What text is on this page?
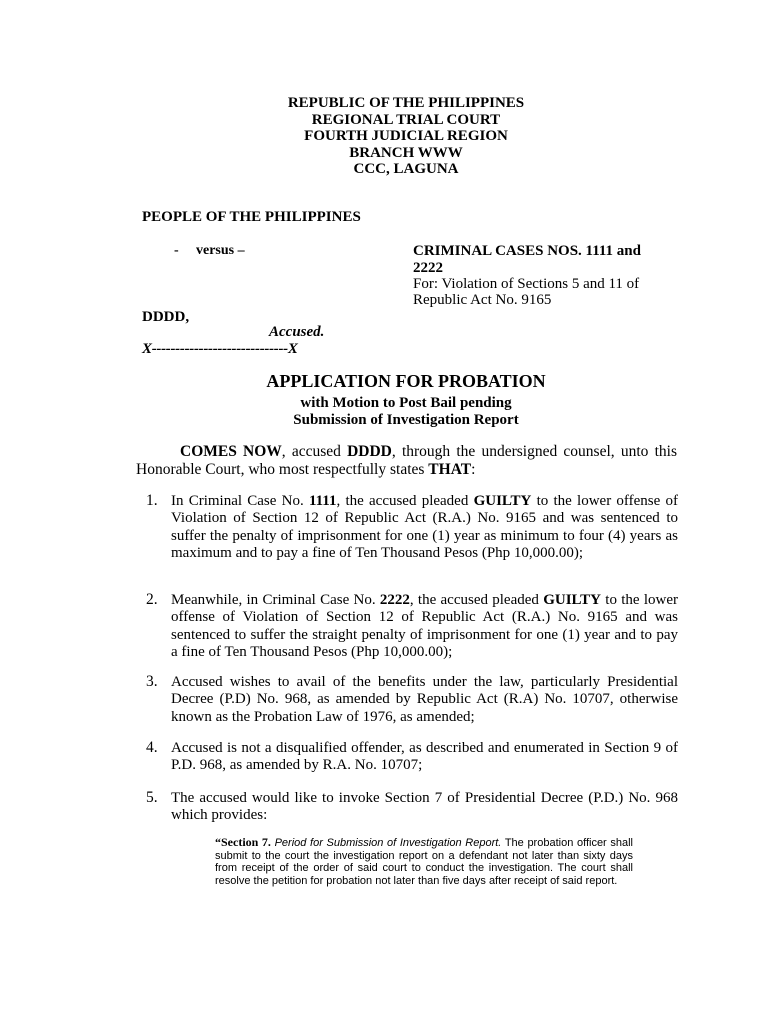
REPUBLIC OF THE PHILIPPINES
REGIONAL TRIAL COURT
FOURTH JUDICIAL REGION
BRANCH WWW
CCC, LAGUNA
PEOPLE OF THE PHILIPPINES
- versus –	CRIMINAL CASES NOS. 1111 and
2222
For: Violation of Sections 5 and 11 of
Republic Act No. 9165
DDDD,
Accused.
X-----------------------------X
APPLICATION FOR PROBATION
with Motion to Post Bail pending
Submission of Investigation Report
COMES NOW, accused DDDD, through the undersigned counsel, unto this Honorable Court, who most respectfully states THAT:
1. In Criminal Case No. 1111, the accused pleaded GUILTY to the lower offense of Violation of Section 12 of Republic Act (R.A.) No. 9165 and was sentenced to suffer the penalty of imprisonment for one (1) year as minimum to four (4) years as maximum and to pay a fine of Ten Thousand Pesos (Php 10,000.00);
2. Meanwhile, in Criminal Case No. 2222, the accused pleaded GUILTY to the lower offense of Violation of Section 12 of Republic Act (R.A.) No. 9165 and was sentenced to suffer the straight penalty of imprisonment for one (1) year and to pay a fine of Ten Thousand Pesos (Php 10,000.00);
3. Accused wishes to avail of the benefits under the law, particularly Presidential Decree (P.D) No. 968, as amended by Republic Act (R.A) No. 10707, otherwise known as the Probation Law of 1976, as amended;
4. Accused is not a disqualified offender, as described and enumerated in Section 9 of P.D. 968, as amended by R.A. No. 10707;
5. The accused would like to invoke Section 7 of Presidential Decree (P.D.) No. 968 which provides:
“Section 7. Period for Submission of Investigation Report. The probation officer shall submit to the court the investigation report on a defendant not later than sixty days from receipt of the order of said court to conduct the investigation. The court shall resolve the petition for probation not later than five days after receipt of said report.
